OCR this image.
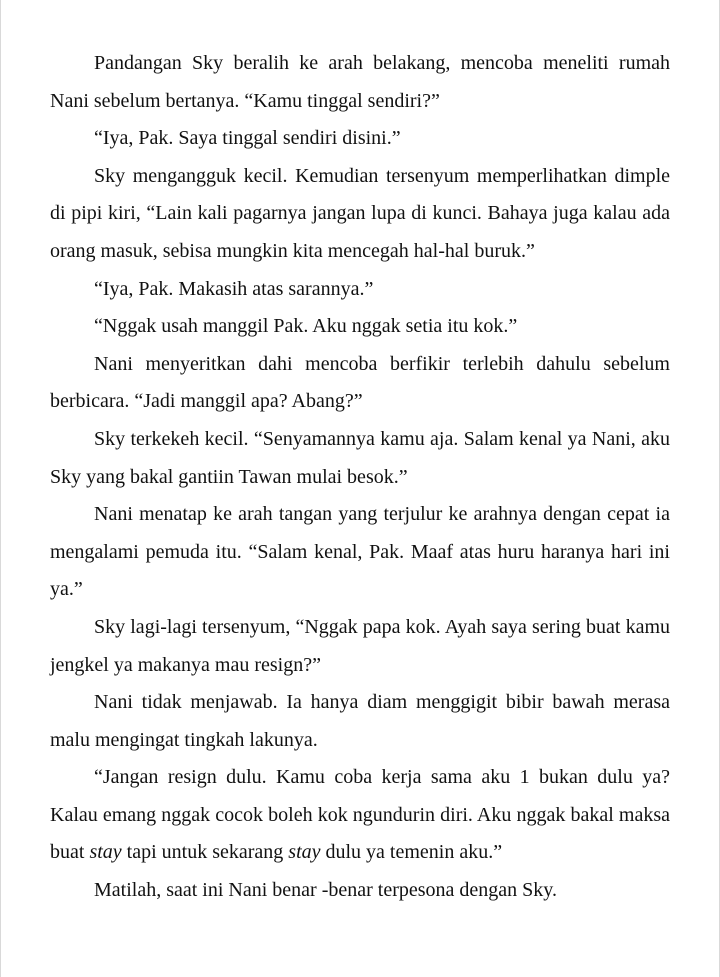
Pandangan Sky beralih ke arah belakang, mencoba meneliti rumah Nani sebelum bertanya. “Kamu tinggal sendiri?”

“Iya, Pak. Saya tinggal sendiri disini.”

Sky mengangguk kecil. Kemudian tersenyum memperlihatkan dimple di pipi kiri, “Lain kali pagarnya jangan lupa di kunci. Bahaya juga kalau ada orang masuk, sebisa mungkin kita mencegah hal-hal buruk.”

“Iya, Pak. Makasih atas sarannya.”

“Nggak usah manggil Pak. Aku nggak setia itu kok.”

Nani menyeritkan dahi mencoba berfikir terlebih dahulu sebelum berbicara. “Jadi manggil apa? Abang?”

Sky terkekeh kecil. “Senyamannya kamu aja. Salam kenal ya Nani, aku Sky yang bakal gantiin Tawan mulai besok.”

Nani menatap ke arah tangan yang terjulur ke arahnya dengan cepat ia mengalami pemuda itu. “Salam kenal, Pak. Maaf atas huru haranya hari ini ya.”

Sky lagi-lagi tersenyum, “Nggak papa kok. Ayah saya sering buat kamu jengkel ya makanya mau resign?”

Nani tidak menjawab. Ia hanya diam menggigit bibir bawah merasa malu mengingat tingkah lakunya.

“Jangan resign dulu. Kamu coba kerja sama aku 1 bukan dulu ya? Kalau emang nggak cocok boleh kok ngundurin diri. Aku nggak bakal maksa buat stay tapi untuk sekarang stay dulu ya temenin aku.”

Matilah, saat ini Nani benar -benar terpesona dengan Sky.
